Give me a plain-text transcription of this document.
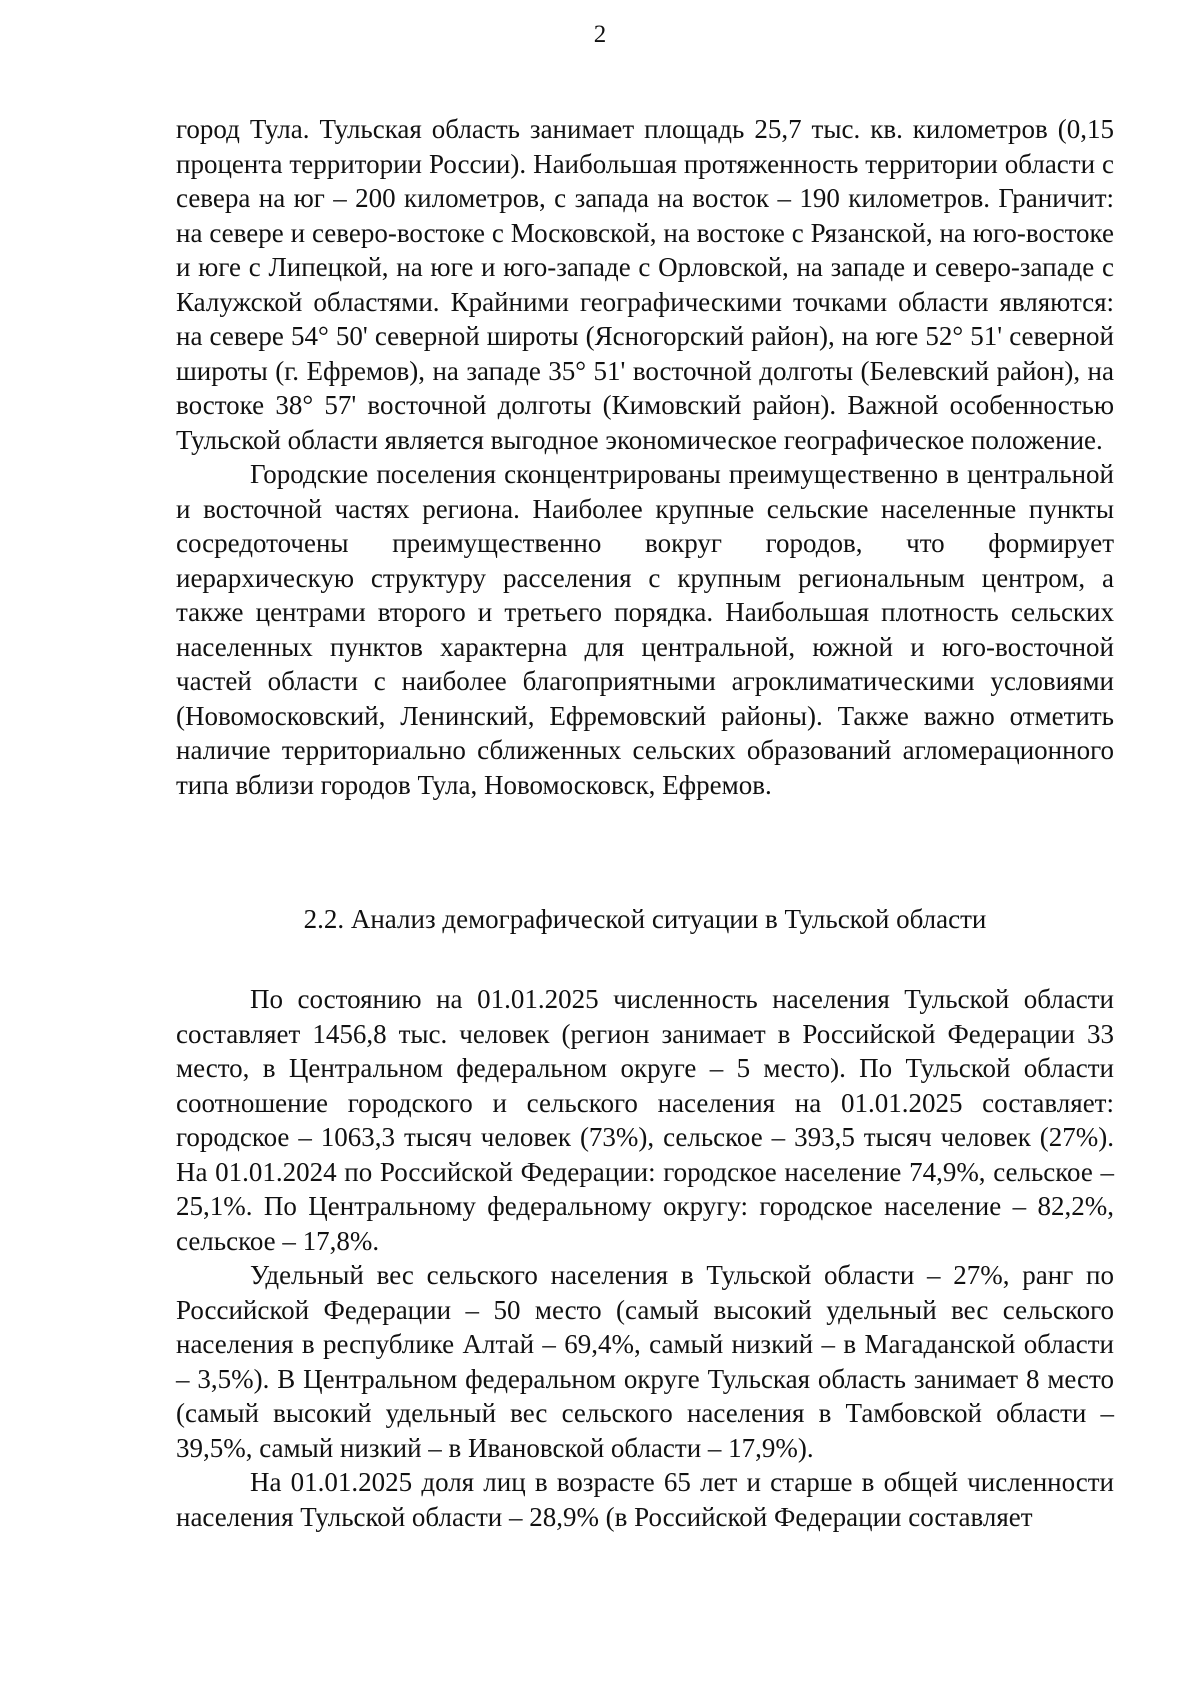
2

город Тула. Тульская область занимает площадь 25,7 тыс. кв. километров (0,15 процента территории России). Наибольшая протяженность территории области с севера на юг – 200 километров, с запада на восток – 190 километров. Граничит: на севере и северо-востоке с Московской, на востоке с Рязанской, на юго-востоке и юге с Липецкой, на юге и юго-западе с Орловской, на западе и северо-западе с Калужской областями. Крайними географическими точками области являются: на севере 54° 50' северной широты (Ясногорский район), на юге 52° 51' северной широты (г. Ефремов), на западе 35° 51' восточной долготы (Белевский район), на востоке 38° 57' восточной долготы (Кимовский район). Важной особенностью Тульской области является выгодное экономическое географическое положение.

Городские поселения сконцентрированы преимущественно в центральной и восточной частях региона. Наиболее крупные сельские населенные пункты сосредоточены преимущественно вокруг городов, что формирует иерархическую структуру расселения с крупным региональным центром, а также центрами второго и третьего порядка. Наибольшая плотность сельских населенных пунктов характерна для центральной, южной и юго-восточной частей области с наиболее благоприятными агроклиматическими условиями (Новомосковский, Ленинский, Ефремовский районы). Также важно отметить наличие территориально сближенных сельских образований агломерационного типа вблизи городов Тула, Новомосковск, Ефремов.

2.2. Анализ демографической ситуации в Тульской области

По состоянию на 01.01.2025 численность населения Тульской области составляет 1456,8 тыс. человек (регион занимает в Российской Федерации 33 место, в Центральном федеральном округе – 5 место). По Тульской области соотношение городского и сельского населения на 01.01.2025 составляет: городское – 1063,3 тысяч человек (73%), сельское – 393,5 тысяч человек (27%). На 01.01.2024 по Российской Федерации: городское население 74,9%, сельское – 25,1%. По Центральному федеральному округу: городское население – 82,2%, сельское – 17,8%.

Удельный вес сельского населения в Тульской области – 27%, ранг по Российской Федерации – 50 место (самый высокий удельный вес сельского населения в республике Алтай – 69,4%, самый низкий – в Магаданской области – 3,5%). В Центральном федеральном округе Тульская область занимает 8 место (самый высокий удельный вес сельского населения в Тамбовской области – 39,5%, самый низкий – в Ивановской области – 17,9%).

На 01.01.2025 доля лиц в возрасте 65 лет и старше в общей численности населения Тульской области – 28,9% (в Российской Федерации составляет
